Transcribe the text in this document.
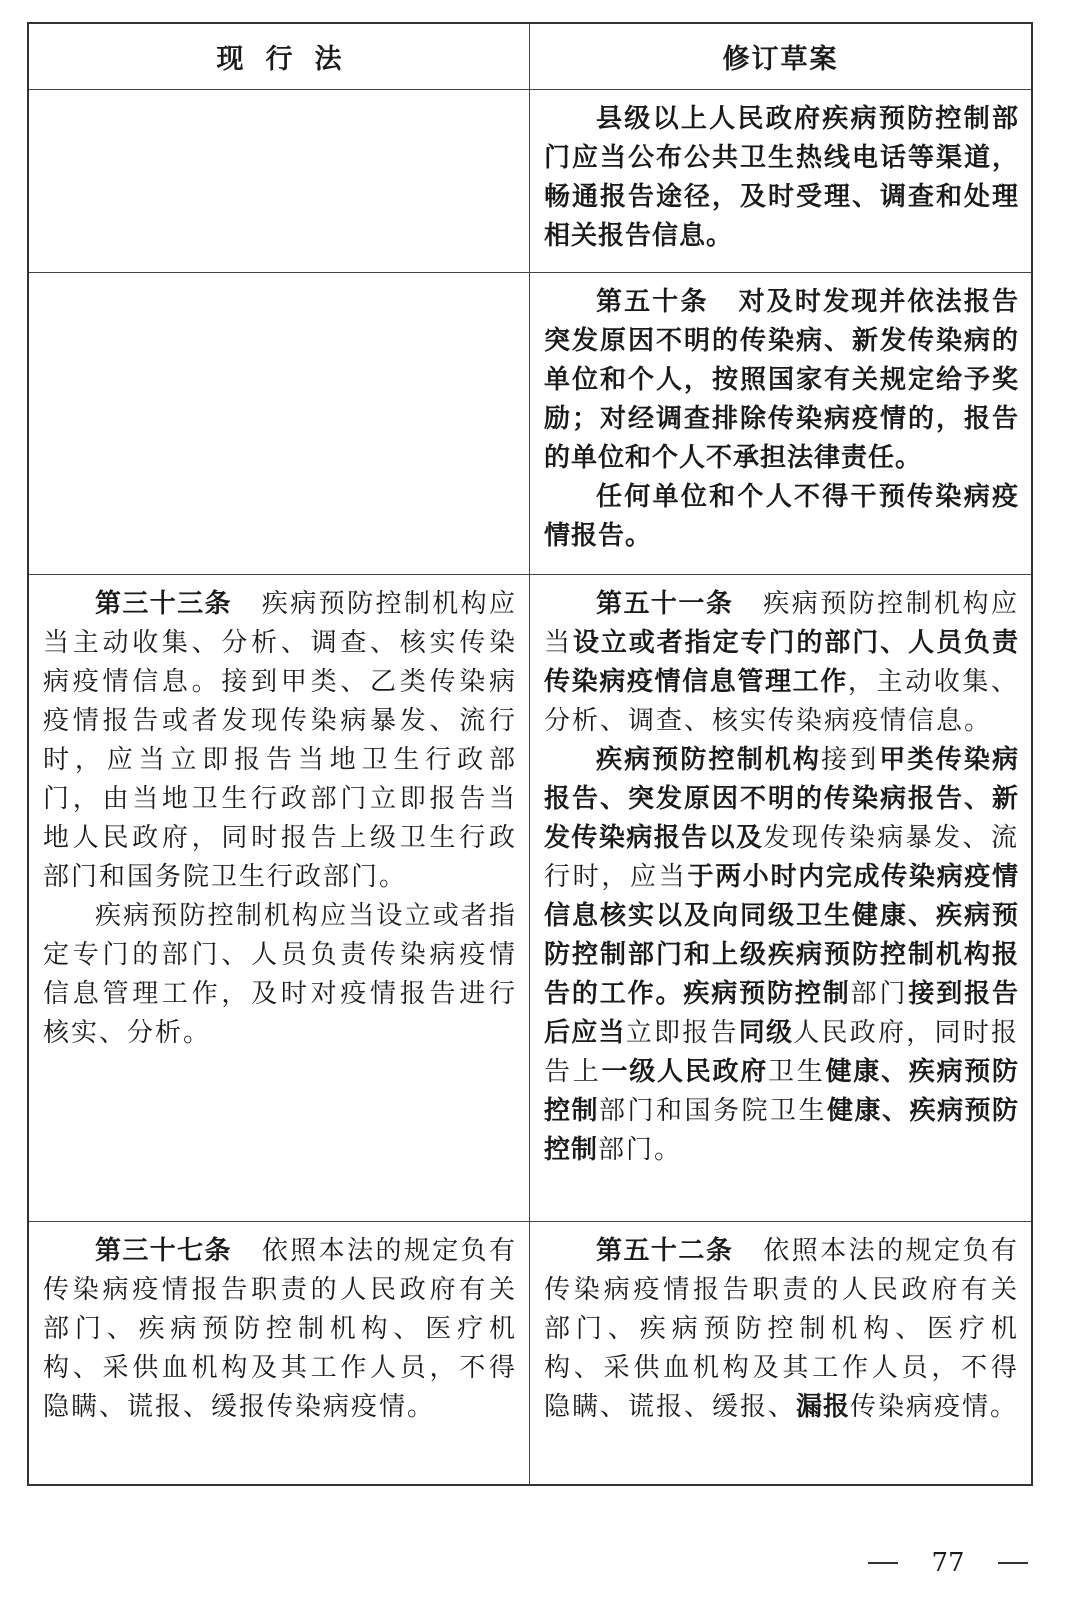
现行法	修订草案

县级以上人民政府疾病预防控制部门应当公布公共卫生热线电话等渠道，畅通报告途径，及时受理、调查和处理相关报告信息。

第五十条 对及时发现并依法报告突发原因不明的传染病、新发传染病的单位和个人，按照国家有关规定给予奖励；对经调查排除传染病疫情的，报告的单位和个人不承担法律责任。

任何单位和个人不得干预传染病疫情报告。

第三十三条 疾病预防控制机构应当主动收集、分析、调查、核实传染病疫情信息。接到甲类、乙类传染病疫情报告或者发现传染病暴发、流行时，应当立即报告当地卫生行政部门，由当地卫生行政部门立即报告当地人民政府，同时报告上级卫生行政部门和国务院卫生行政部门。

疾病预防控制机构应当设立或者指定专门的部门、人员负责传染病疫情信息管理工作，及时对疫情报告进行核实、分析。

第五十一条 疾病预防控制机构应当设立或者指定专门的部门、人员负责传染病疫情信息管理工作，主动收集、分析、调查、核实传染病疫情信息。

疾病预防控制机构接到甲类传染病报告、突发原因不明的传染病报告、新发传染病报告以及发现传染病暴发、流行时，应当于两小时内完成传染病疫情信息核实以及向同级卫生健康、疾病预防控制部门和上级疾病预防控制机构报告的工作。疾病预防控制部门接到报告后应当立即报告同级人民政府，同时报告上一级人民政府卫生健康、疾病预防控制部门和国务院卫生健康、疾病预防控制部门。

第三十七条 依照本法的规定负有传染病疫情报告职责的人民政府有关部门、疾病预防控制机构、医疗机构、采供血机构及其工作人员，不得隐瞒、谎报、缓报传染病疫情。

第五十二条 依照本法的规定负有传染病疫情报告职责的人民政府有关部门、疾病预防控制机构、医疗机构、采供血机构及其工作人员，不得隐瞒、谎报、缓报、漏报传染病疫情。

77
